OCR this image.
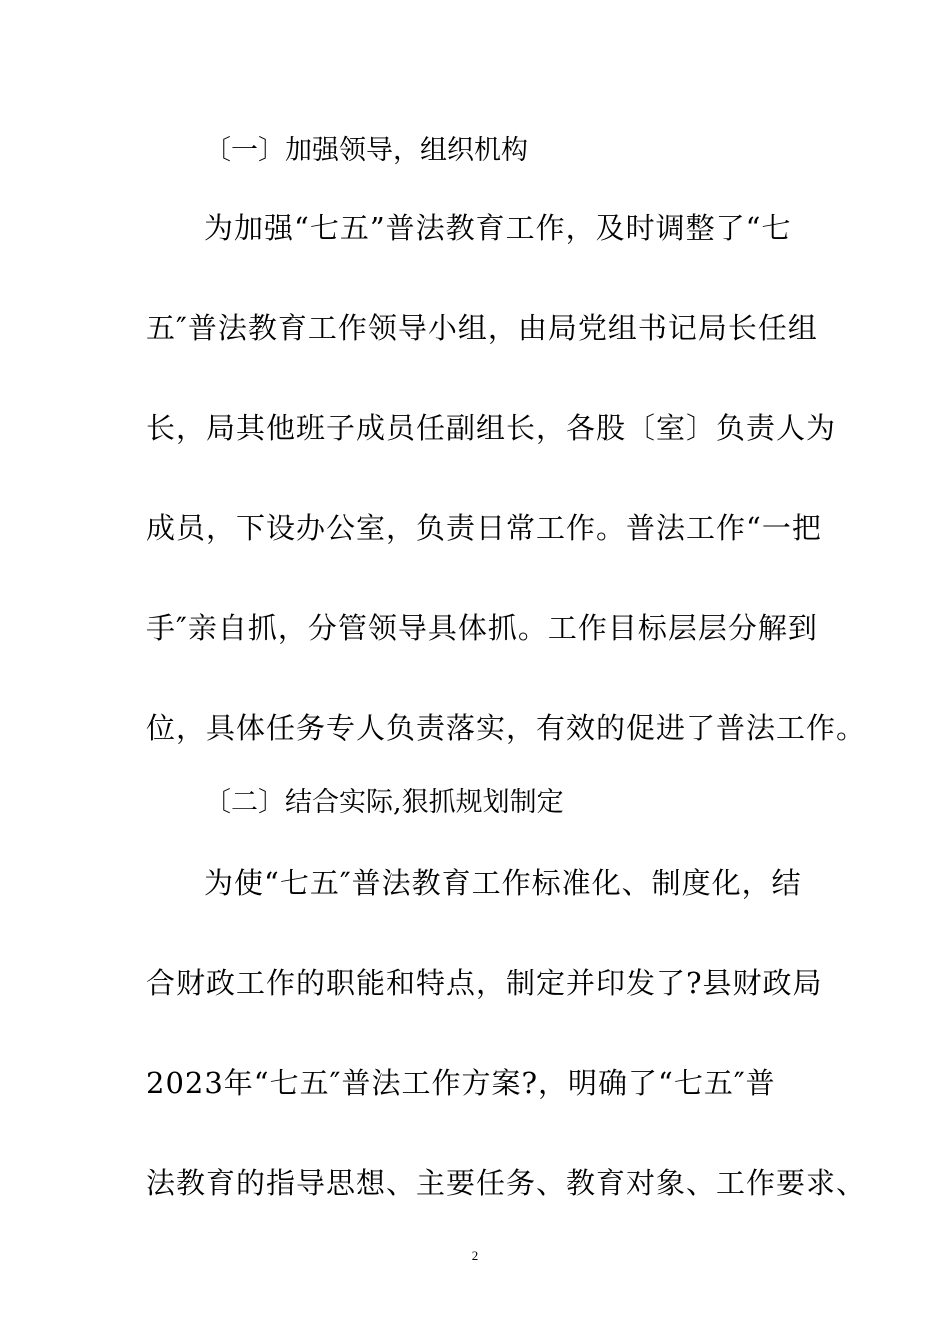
〔一〕加强领导，组织机构
为加强“七五”普法教育工作，及时调整了“七
五″普法教育工作领导小组，由局党组书记局长任组
长，局其他班子成员任副组长，各股〔室〕负责人为
成员，下设办公室，负责日常工作。普法工作“一把
手″亲自抓，分管领导具体抓。工作目标层层分解到
位，具体任务专人负责落实，有效的促进了普法工作。
〔二〕结合实际,狠抓规划制定
为使“七五″普法教育工作标准化、制度化，结
合财政工作的职能和特点，制定并印发了?县财政局
2023年“七五″普法工作方案?，明确了“七五″普
法教育的指导思想、主要任务、教育对象、工作要求、
2
